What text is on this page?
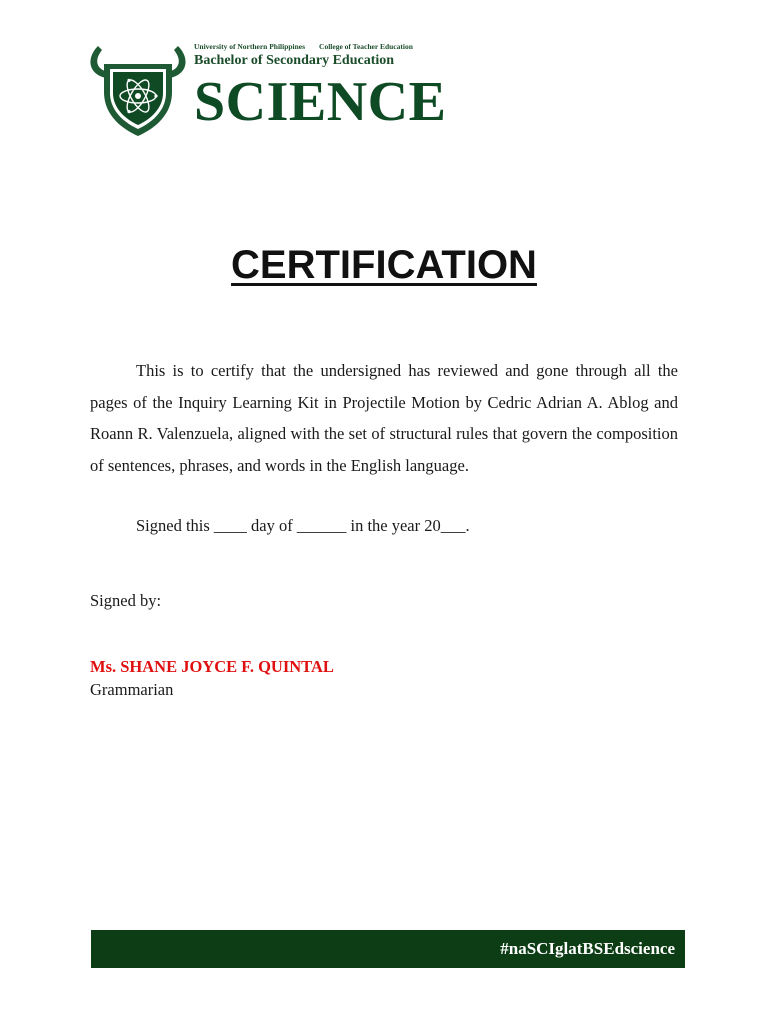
University of Northern Philippines College of Teacher Education
Bachelor of Secondary Education
SCIENCE
CERTIFICATION

This is to certify that the undersigned has reviewed and gone through all the pages of the Inquiry Learning Kit in Projectile Motion by Cedric Adrian A. Ablog and Roann R. Valenzuela, aligned with the set of structural rules that govern the composition of sentences, phrases, and words in the English language.

Signed this ____ day of ______ in the year 20___.
Signed by:
Ms. SHANE JOYCE F. QUINTAL
Grammarian
#naSCIglatBSEdscience
